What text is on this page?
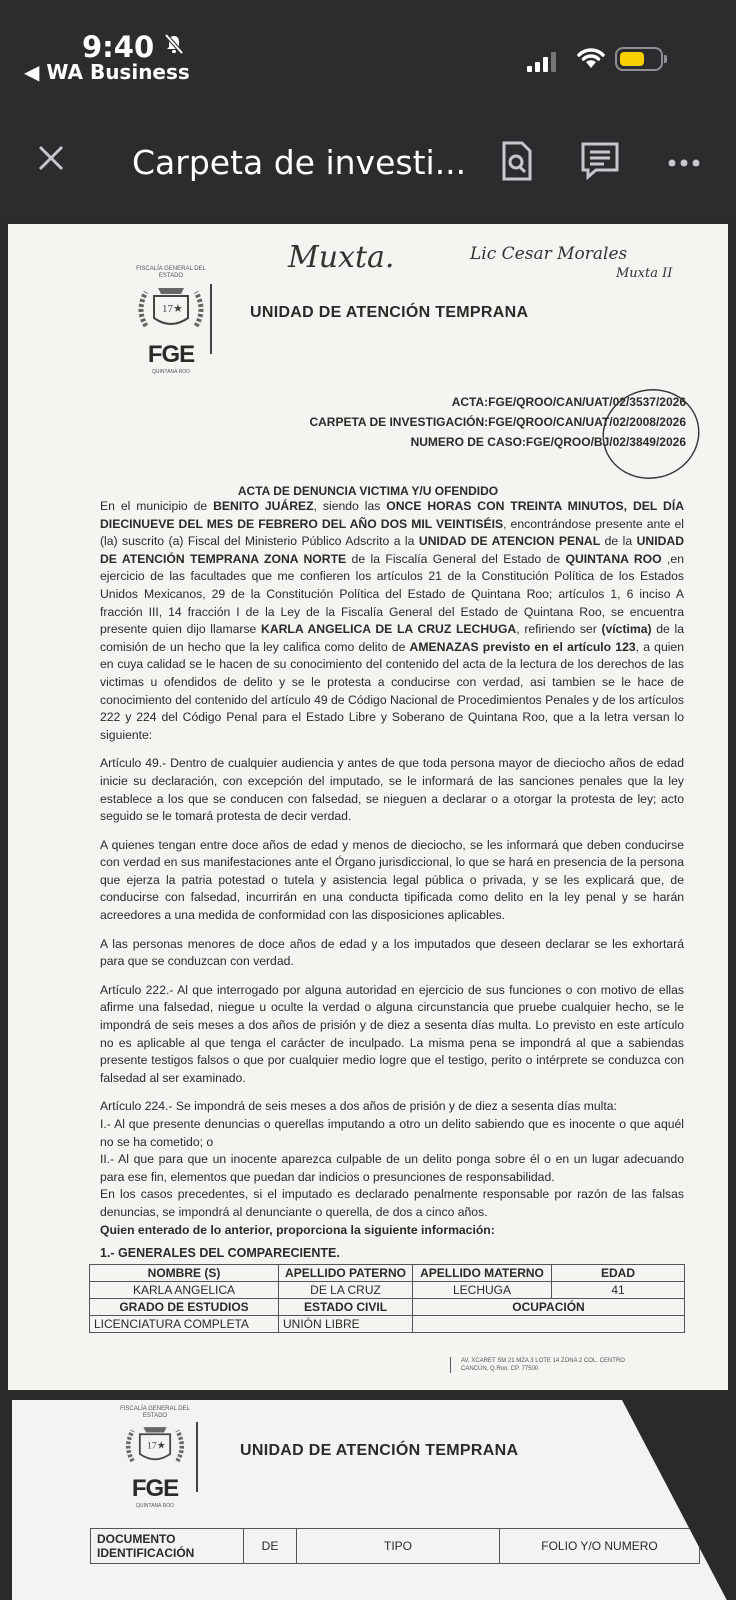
9:40
◀ WA Business
Carpeta de investi...
FISCALÍA GENERAL DEL ESTADO
17★
FGE
QUINTANA ROO
UNIDAD DE ATENCIÓN TEMPRANA
Muxta.	Lic Cesar Morales
Muxta II
ACTA:FGE/QROO/CAN/UAT/02/3537/2026
CARPETA DE INVESTIGACIÓN:FGE/QROO/CAN/UAT/02/2008/2026
NUMERO DE CASO:FGE/QROO/BJ/02/3849/2026
ACTA DE DENUNCIA VICTIMA Y/U OFENDIDO

En el municipio de BENITO JUÁREZ, siendo las ONCE HORAS CON TREINTA MINUTOS, DEL DÍA DIECINUEVE DEL MES DE FEBRERO DEL AÑO DOS MIL VEINTISÉIS, encontrándose presente ante el (la) suscrito (a) Fiscal del Ministerio Público Adscrito a la UNIDAD DE ATENCION PENAL de la UNIDAD DE ATENCIÓN TEMPRANA ZONA NORTE de la Fiscalía General del Estado de QUINTANA ROO ,en ejercicio de las facultades que me confieren los artículos 21 de la Constitución Política de los Estados Unidos Mexicanos, 29 de la Constitución Política del Estado de Quintana Roo; artículos 1, 6 inciso A fracción III, 14 fracción I de la Ley de la Fiscalía General del Estado de Quintana Roo, se encuentra presente quien dijo llamarse KARLA ANGELICA DE LA CRUZ LECHUGA, refiriendo ser (víctima) de la comisión de un hecho que la ley califica como delito de AMENAZAS previsto en el artículo 123, a quien en cuya calidad se le hacen de su conocimiento del contenido del acta de la lectura de los derechos de las victimas u ofendidos de delito y se le protesta a conducirse con verdad, asi tambien se le hace de conocimiento del contenido del artículo 49 de Código Nacional de Procedimientos Penales y de los artículos 222 y 224 del Código Penal para el Estado Libre y Soberano de Quintana Roo, que a la letra versan lo siguiente:

Artículo 49.- Dentro de cualquier audiencia y antes de que toda persona mayor de dieciocho años de edad inicie su declaración, con excepción del imputado, se le informará de las sanciones penales que la ley establece a los que se conducen con falsedad, se nieguen a declarar o a otorgar la protesta de ley; acto seguido se le tomará protesta de decir verdad.

A quienes tengan entre doce años de edad y menos de dieciocho, se les informará que deben conducirse con verdad en sus manifestaciones ante el Órgano jurisdiccional, lo que se hará en presencia de la persona que ejerza la patria potestad o tutela y asistencia legal pública o privada, y se les explicará que, de conducirse con falsedad, incurrirán en una conducta tipificada como delito en la ley penal y se harán acreedores a una medida de conformidad con las disposiciones aplicables.

A las personas menores de doce años de edad y a los imputados que deseen declarar se les exhortará para que se conduzcan con verdad.

Artículo 222.- Al que interrogado por alguna autoridad en ejercicio de sus funciones o con motivo de ellas afirme una falsedad, niegue u oculte la verdad o alguna circunstancia que pruebe cualquier hecho, se le impondrá de seis meses a dos años de prisión y de diez a sesenta días multa. Lo previsto en este artículo no es aplicable al que tenga el carácter de inculpado. La misma pena se impondrá al que a sabiendas presente testigos falsos o que por cualquier medio logre que el testigo, perito o intérprete se conduzca con falsedad al ser examinado.

Artículo 224.- Se impondrá de seis meses a dos años de prisión y de diez a sesenta días multa:

I.- Al que presente denuncias o querellas imputando a otro un delito sabiendo que es inocente o que aquél no se ha cometido; o

II.- Al que para que un inocente aparezca culpable de un delito ponga sobre él o en un lugar adecuando para ese fin, elementos que puedan dar indicios o presunciones de responsabilidad.

En los casos precedentes, si el imputado es declarado penalmente responsable por razón de las falsas denuncias, se impondrá al denunciante o querella, de dos a cinco años.

Quien enterado de lo anterior, proporciona la siguiente información:

1.- GENERALES DEL COMPARECIENTE.
NOMBRE (S)	APELLIDO PATERNO	APELLIDO MATERNO	EDAD
KARLA ANGELICA	DE LA CRUZ	LECHUGA	41
GRADO DE ESTUDIOS	ESTADO CIVIL	OCUPACIÓN	
LICENCIATURA COMPLETA	UNIÓN LIBRE		
AV. XCARET SM 21 MZA 3 LOTE 14 ZONA 2 COL. CENTRO
CANCÚN, Q.Roo. CP. 77500
FISCALÍA GENERAL DEL ESTADO
17★
FGE
QUINTANA ROO
UNIDAD DE ATENCIÓN TEMPRANA
DOCUMENTO IDENTIFICACIÓN	DE	TIPO	FOLIO Y/O NUMERO
